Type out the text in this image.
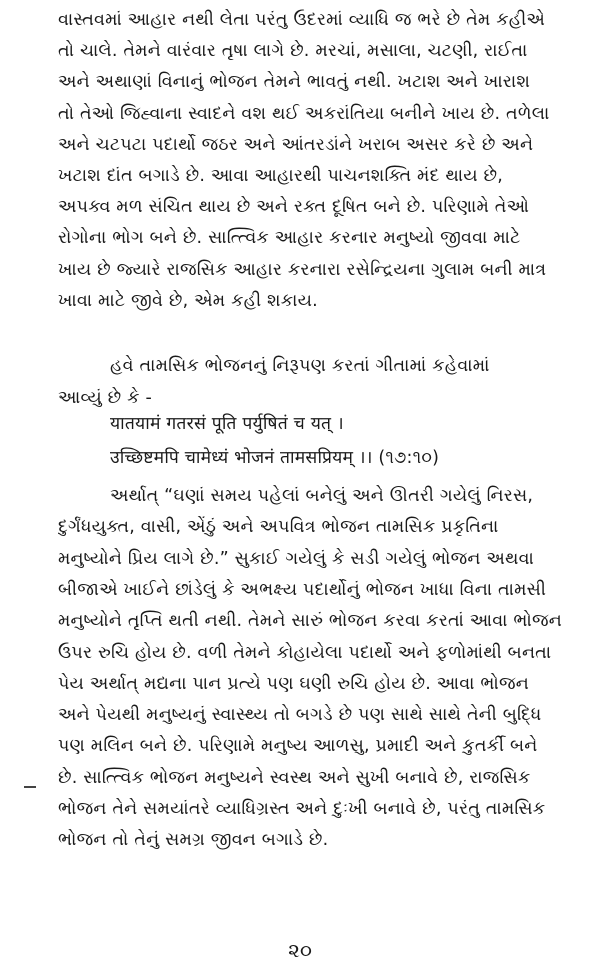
વાસ્તવમાં આહાર નથી લેતા પરંતુ ઉદરમાં વ્યાધિ જ ભરે છે તેમ કહીએ
તો ચાલે. તેમને વારંવાર તૃષા લાગે છે. મરચાં, મસાલા, ચટણી, રાઈતા
અને અથાણાં વિનાનું ભોજન તેમને ભાવતું નથી. ખટાશ અને ખારાશ
તો તેઓ જિહ્વાના સ્વાદને વશ થઈ અકરાંતિયા બનીને ખાય છે. તળેલા
અને ચટપટા પદાર્થો જઠર અને આંતરડાંને ખરાબ અસર કરે છે અને
ખટાશ દાંત બગાડે છે. આવા આહારથી પાચનશક્તિ મંદ થાય છે,
અપક્વ મળ સંચિત થાય છે અને રક્ત દૂષિત બને છે. પરિણામે તેઓ
રોગોના ભોગ બને છે. સાત્ત્વિક આહાર કરનાર મનુષ્યો જીવવા માટે
ખાય છે જ્યારે રાજસિક આહાર કરનારા રસેન્દ્રિયના ગુલામ બની માત્ર
ખાવા માટે જીવે છે, એમ કહી શકાય.
હવે તામસિક ભોજનનું નિરૂપણ કરતાં ગીતામાં કહેવામાં
આવ્યું છે કે -
यातयामं गतरसं पूति पर्युषितं च यत् ।
उच्छिष्टमपि चामेध्यं भोजनं तामसप्रियम् ।। (૧૭:૧૦)
અર્થાત્ “ઘણાં સમય પહેલાં બનેલું અને ઊતરી ગયેલું નિરસ,
દુર્ગંધયુક્ત, વાસી, એંઠું અને અપવિત્ર ભોજન તામસિક પ્રકૃતિના
મનુષ્યોને પ્રિય લાગે છે.” સુકાઈ ગયેલું કે સડી ગયેલું ભોજન અથવા
બીજાએ ખાઈને છાંડેલું કે અભક્ષ્ય પદાર્થોનું ભોજન ખાધા વિના તામસી
મનુષ્યોને તૃપ્તિ થતી નથી. તેમને સારું ભોજન કરવા કરતાં આવા ભોજન
ઉપર રુચિ હોય છે. વળી તેમને કોહાયેલા પદાર્થો અને ફળોમાંથી બનતા
પેય અર્થાત્ મદ્યના પાન પ્રત્યે પણ ઘણી રુચિ હોય છે. આવા ભોજન
અને પેયથી મનુષ્યનું સ્વાસ્થ્ય તો બગડે છે પણ સાથે સાથે તેની બુદ્ધિ
પણ મલિન બને છે. પરિણામે મનુષ્ય આળસુ, પ્રમાદી અને કુતર્કી બને
છે. સાત્ત્વિક ભોજન મનુષ્યને સ્વસ્થ અને સુખી બનાવે છે, રાજસિક
ભોજન તેને સમયાંતરે વ્યાધિગ્રસ્ત અને દુઃખી બનાવે છે, પરંતુ તામસિક
ભોજન તો તેનું સમગ્ર જીવન બગાડે છે.
૨૦
